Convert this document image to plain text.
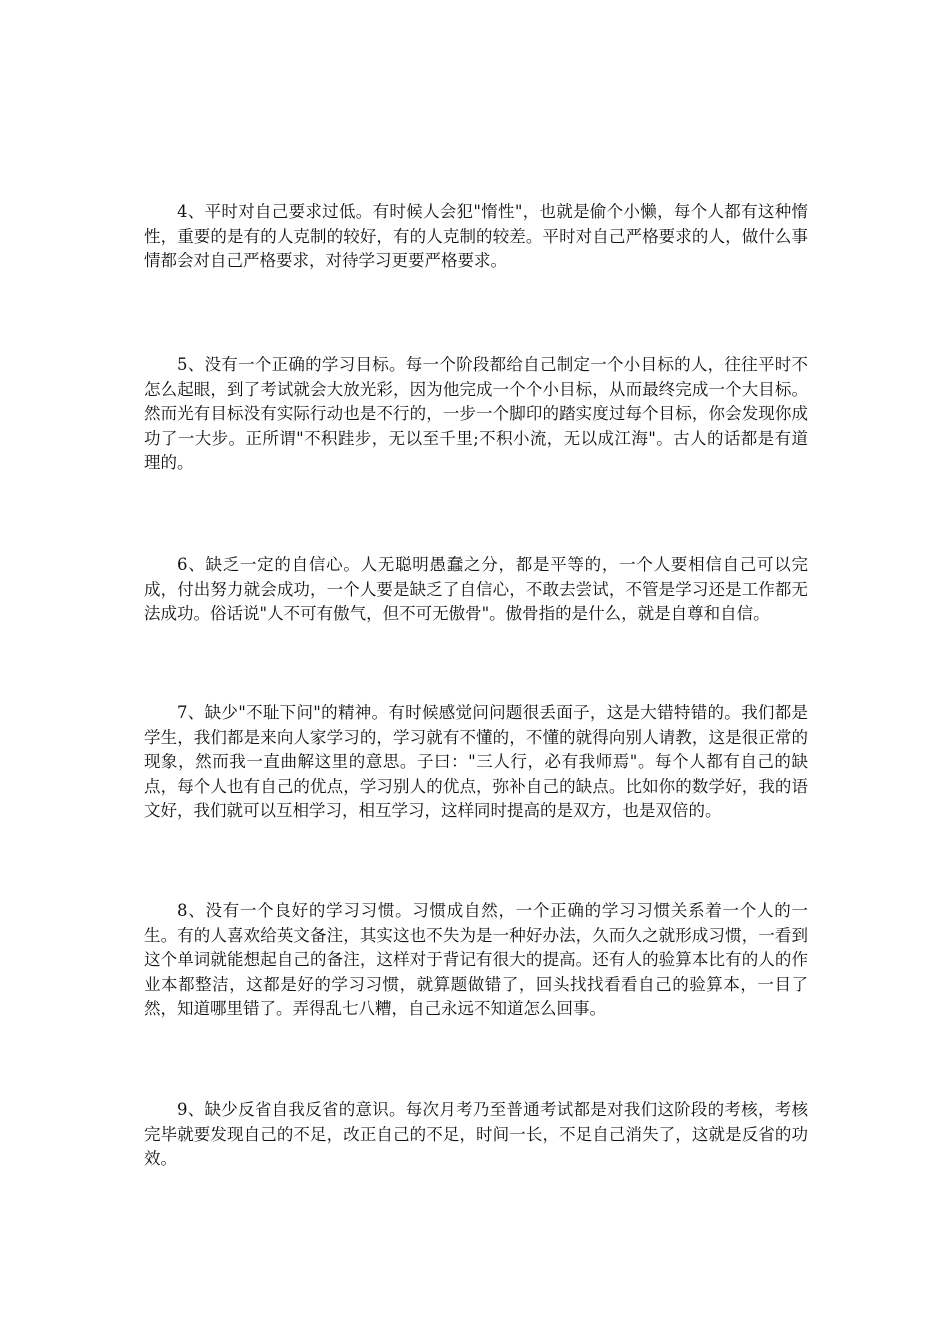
4、平时对自己要求过低。有时候人会犯"惰性"，也就是偷个小懒，每个人都有这种惰性，重要的是有的人克制的较好，有的人克制的较差。平时对自己严格要求的人，做什么事情都会对自己严格要求，对待学习更要严格要求。

5、没有一个正确的学习目标。每一个阶段都给自己制定一个小目标的人，往往平时不怎么起眼，到了考试就会大放光彩，因为他完成一个个小目标，从而最终完成一个大目标。然而光有目标没有实际行动也是不行的，一步一个脚印的踏实度过每个目标，你会发现你成功了一大步。正所谓"不积跬步，无以至千里;不积小流，无以成江海"。古人的话都是有道理的。

6、缺乏一定的自信心。人无聪明愚蠢之分，都是平等的，一个人要相信自己可以完成，付出努力就会成功，一个人要是缺乏了自信心，不敢去尝试，不管是学习还是工作都无法成功。俗话说"人不可有傲气，但不可无傲骨"。傲骨指的是什么，就是自尊和自信。

7、缺少"不耻下问"的精神。有时候感觉问问题很丢面子，这是大错特错的。我们都是学生，我们都是来向人家学习的，学习就有不懂的，不懂的就得向别人请教，这是很正常的现象，然而我一直曲解这里的意思。子曰："三人行，必有我师焉"。每个人都有自己的缺点，每个人也有自己的优点，学习别人的优点，弥补自己的缺点。比如你的数学好，我的语文好，我们就可以互相学习，相互学习，这样同时提高的是双方，也是双倍的。

8、没有一个良好的学习习惯。习惯成自然，一个正确的学习习惯关系着一个人的一生。有的人喜欢给英文备注，其实这也不失为是一种好办法，久而久之就形成习惯，一看到这个单词就能想起自己的备注，这样对于背记有很大的提高。还有人的验算本比有的人的作业本都整洁，这都是好的学习习惯，就算题做错了，回头找找看看自己的验算本，一目了然，知道哪里错了。弄得乱七八糟，自己永远不知道怎么回事。

9、缺少反省自我反省的意识。每次月考乃至普通考试都是对我们这阶段的考核，考核完毕就要发现自己的不足，改正自己的不足，时间一长，不足自己消失了，这就是反省的功效。
